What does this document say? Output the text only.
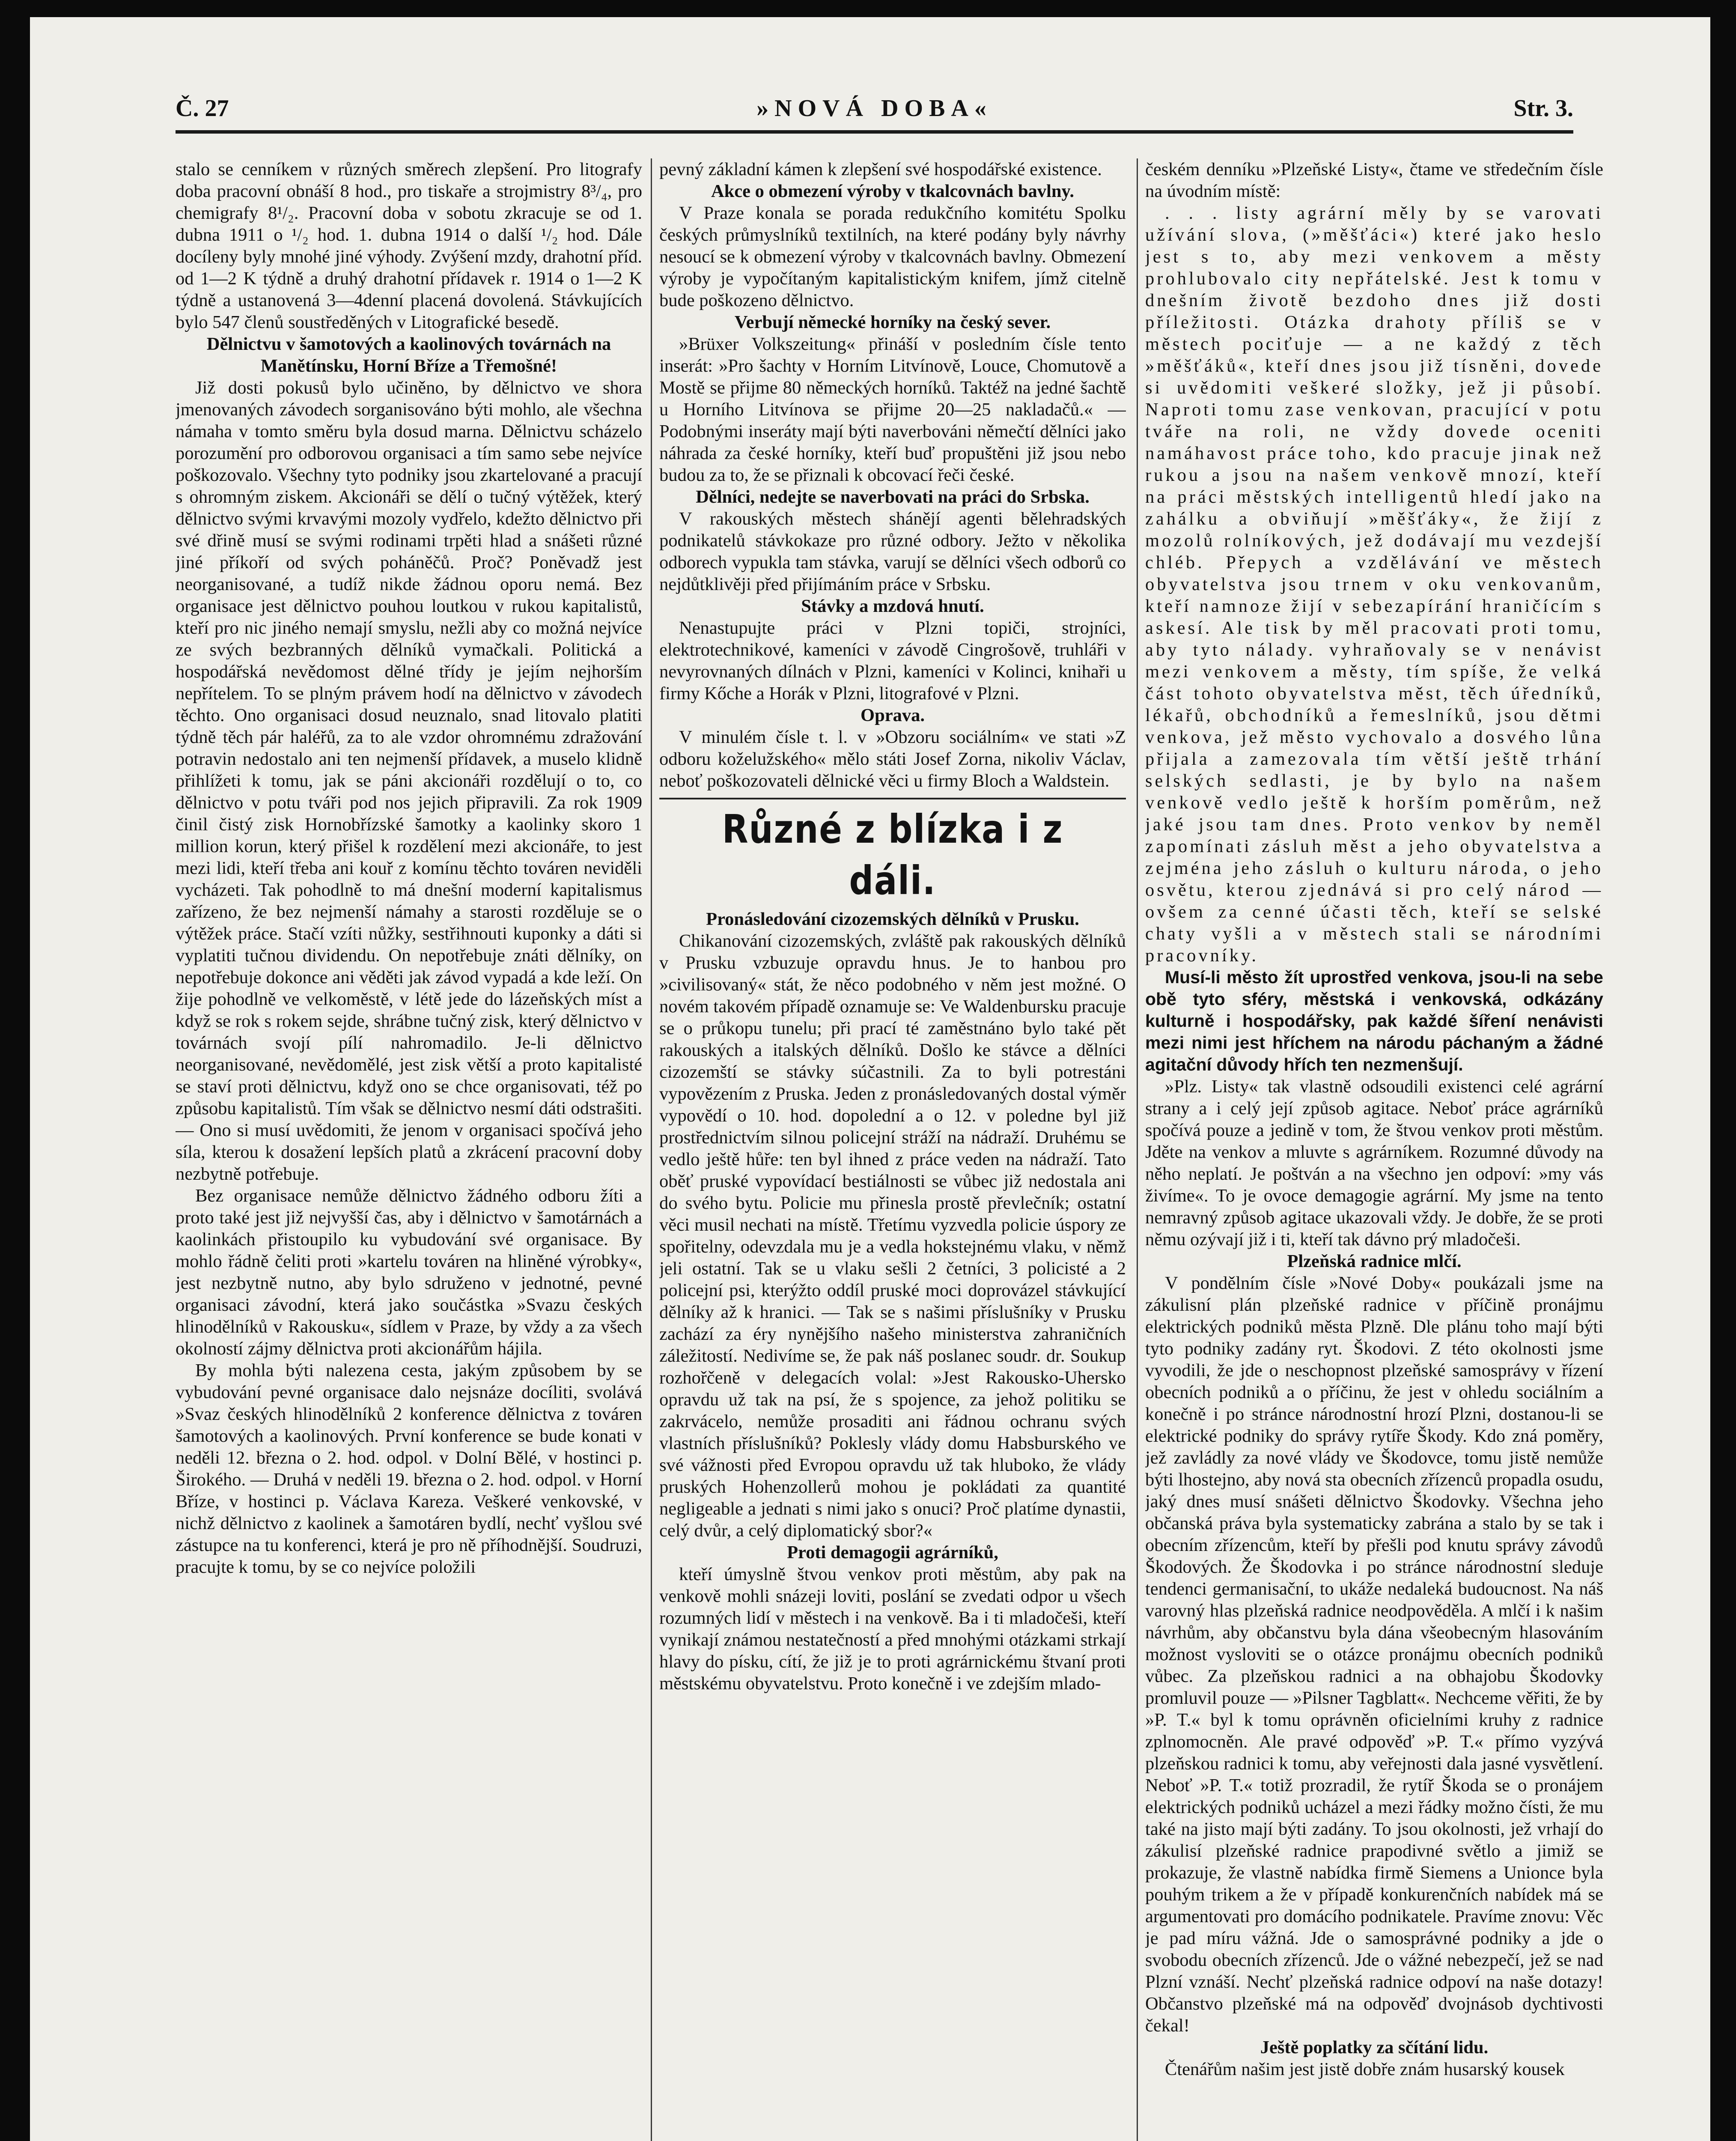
Č. 27	»NOVÁ DOBA«	Str. 3.

stalo se cenníkem v různých směrech zlepšení. Pro litografy doba pracovní obnáší 8 hod., pro tiskaře a strojmistry 8³/₄, pro chemigrafy 8¹/₂. Pracovní doba v sobotu zkracuje se od 1. dubna 1911 o ¹/₂ hod. 1. dubna 1914 o další ¹/₂ hod. Dále docíleny byly mnohé jiné výhody. Zvýšení mzdy, drahotní příd. od 1—2 K týdně a druhý drahotní přídavek r. 1914 o 1—2 K týdně a ustanovená 3—4denní placená dovolená. Stávkujících bylo 547 členů soustředěných v Litografické besedě.

Dělnictvu v šamotových a kaolinových továrnách na Manětínsku, Horní Bříze a Třemošné!

Již dosti pokusů bylo učiněno, by dělnictvo ve shora jmenovaných závodech sorganisováno býti mohlo, ale všechna námaha v tomto směru byla dosud marna. Dělnictvu scházelo porozumění pro odborovou organisaci a tím samo sebe nejvíce poškozovalo. Všechny tyto podniky jsou zkartelované a pracují s ohromným ziskem. Akcionáři se dělí o tučný výtěžek, který dělnictvo svými krvavými mozoly vydřelo, kdežto dělnictvo při své dřině musí se svými rodinami trpěti hlad a snášeti různé jiné příkoří od svých poháněčů. Proč? Poněvadž jest neorganisované, a tudíž nikde žádnou oporu nemá. Bez organisace jest dělnictvo pouhou loutkou v rukou kapitalistů, kteří pro nic jiného nemají smyslu, nežli aby co možná nejvíce ze svých bezbranných dělníků vymačkali. Politická a hospodářská nevědomost dělné třídy je jejím nejhorším nepřítelem. To se plným právem hodí na dělnictvo v závodech těchto. Ono organisaci dosud neuznalo, snad litovalo platiti týdně těch pár haléřů, za to ale vzdor ohromnému zdražování potravin nedostalo ani ten nejmenší přídavek, a muselo klidně přihlížeti k tomu, jak se páni akcionáři rozdělují o to, co dělnictvo v potu tváři pod nos jejich připravili. Za rok 1909 činil čistý zisk Hornobřízské šamotky a kaolinky skoro 1 million korun, který přišel k rozdělení mezi akcionáře, to jest mezi lidi, kteří třeba ani kouř z komínu těchto továren neviděli vycházeti. Tak pohodlně to má dnešní moderní kapitalismus zařízeno, že bez nejmenší námahy a starosti rozděluje se o výtěžek práce. Stačí vzíti nůžky, sestřihnouti kuponky a dáti si vyplatiti tučnou dividendu. On nepotřebuje znáti dělníky, on nepotřebuje dokonce ani věděti jak závod vypadá a kde leží. On žije pohodlně ve velkoměstě, v létě jede do lázeňských míst a když se rok s rokem sejde, shrábne tučný zisk, který dělnictvo v továrnách svojí pílí nahromadilo. Je-li dělnictvo neorganisované, nevědomělé, jest zisk větší a proto kapitalisté se staví proti dělnictvu, když ono se chce organisovati, též po způsobu kapitalistů. Tím však se dělnictvo nesmí dáti odstrašiti. — Ono si musí uvědomiti, že jenom v organisaci spočívá jeho síla, kterou k dosažení lepších platů a zkrácení pracovní doby nezbytně potřebuje.

Bez organisace nemůže dělnictvo žádného odboru žíti a proto také jest již nejvyšší čas, aby i dělnictvo v šamotárnách a kaolinkách přistoupilo ku vybudování své organisace. By mohlo řádně čeliti proti »kartelu továren na hliněné výrobky«, jest nezbytně nutno, aby bylo sdruženo v jednotné, pevné organisaci závodní, která jako součástka »Svazu českých hlinodělníků v Rakousku«, sídlem v Praze, by vždy a za všech okolností zájmy dělnictva proti akcionářům hájila.

By mohla býti nalezena cesta, jakým způsobem by se vybudování pevné organisace dalo nejsnáze docíliti, svolává »Svaz českých hlinodělníků 2 konference dělnictva z továren šamotových a kaolinových. První konference se bude konati v neděli 12. března o 2. hod. odpol. v Dolní Bělé, v hostinci p. Širokého. — Druhá v neděli 19. března o 2. hod. odpol. v Horní Bříze, v hostinci p. Václava Kareza. Veškeré venkovské, v nichž dělnictvo z kaolinek a šamotáren bydlí, nechť vyšlou své zástupce na tu konferenci, která je pro ně příhodnější. Soudruzi, pracujte k tomu, by se co nejvíce položili

pevný základní kámen k zlepšení své hospodářské existence.

Akce o obmezení výroby v tkalcovnách bavlny.

V Praze konala se porada redukčního komitétu Spolku českých průmyslníků textilních, na které podány byly návrhy nesoucí se k obmezení výroby v tkalcovnách bavlny. Obmezení výroby je vypočítaným kapitalistickým knifem, jímž citelně bude poškozeno dělnictvo.

Verbují německé horníky na český sever.

»Brüxer Volkszeitung« přináší v posledním čísle tento inserát: »Pro šachty v Horním Litvínově, Louce, Chomutově a Mostě se přijme 80 německých horníků. Taktéž na jedné šachtě u Horního Litvínova se přijme 20—25 nakladačů.« — Podobnými inseráty mají býti naverbováni němečtí dělníci jako náhrada za české horníky, kteří buď propuštěni již jsou nebo budou za to, že se přiznali k obcovací řeči české.

Dělníci, nedejte se naverbovati na práci do Srbska.

V rakouských městech shánějí agenti bělehradských podnikatelů stávkokaze pro různé odbory. Ježto v několika odborech vypukla tam stávka, varují se dělníci všech odborů co nejdůtklivěji před přijímáním práce v Srbsku.

Stávky a mzdová hnutí.

Nenastupujte práci v Plzni topiči, strojníci, elektrotechnikové, kameníci v závodě Cingrošově, truhláři v nevyrovnaných dílnách v Plzni, kameníci v Kolinci, knihaři u firmy Kőche a Horák v Plzni, litografové v Plzni.

Oprava.

V minulém čísle t. l. v »Obzoru sociálním« ve stati »Z odboru koželužského« mělo státi Josef Zorna, nikoliv Václav, neboť poškozovateli dělnické věci u firmy Bloch a Waldstein.

Různé z blízka i z dáli.

Pronásledování cizozemských dělníků v Prusku.

Chikanování cizozemských, zvláště pak rakouských dělníků v Prusku vzbuzuje opravdu hnus. Je to hanbou pro »civilisovaný« stát, že něco podobného v něm jest možné. O novém takovém případě oznamuje se: Ve Waldenbursku pracuje se o průkopu tunelu; při prací té zaměstnáno bylo také pět rakouských a italských dělníků. Došlo ke stávce a dělníci cizozemští se stávky súčastnili. Za to byli potrestáni vypovězením z Pruska. Jeden z pronásledovaných dostal výměr vypovědí o 10. hod. dopolední a o 12. v poledne byl již prostřednictvím silnou policejní stráží na nádraží. Druhému se vedlo ještě hůře: ten byl ihned z práce veden na nádraží. Tato oběť pruské vypovídací bestiálnosti se vůbec již nedostala ani do svého bytu. Policie mu přinesla prostě převlečník; ostatní věci musil nechati na místě. Třetímu vyzvedla policie úspory ze spořitelny, odevzdala mu je a vedla hokstejnému vlaku, v němž jeli ostatní. Tak se u vlaku sešli 2 četníci, 3 policisté a 2 policejní psi, kterýžto oddíl pruské moci doprovázel stávkující dělníky až k hranici. — Tak se s našimi příslušníky v Prusku zachází za éry nynějšího našeho ministerstva zahraničních záležitostí. Nedivíme se, že pak náš poslanec soudr. dr. Soukup rozhořčeně v delegacích volal: »Jest Rakousko-Uhersko opravdu už tak na psí, že s spojence, za jehož politiku se zakrvácelo, nemůže prosaditi ani řádnou ochranu svých vlastních příslušníků? Poklesly vlády domu Habsburského ve své vážnosti před Evropou opravdu už tak hluboko, že vlády pruských Hohenzollerů mohou je pokládati za quantité negligeable a jednati s nimi jako s onuci? Proč platíme dynastii, celý dvůr, a celý diplomatický sbor?«

Proti demagogii agrárníků,

kteří úmyslně štvou venkov proti městům, aby pak na venkově mohli snázeji loviti, poslání se zvedati odpor u všech rozumných lidí v městech i na venkově. Ba i ti mladočeši, kteří vynikají známou nestatečností a před mnohými otázkami strkají hlavy do písku, cítí, že již je to proti agrárnickému štvaní proti městskému obyvatelstvu. Proto konečně i ve zdejším mlado-

českém denníku »Plzeňské Listy«, čtame ve středečním čísle na úvodním místě:

. . . listy agrární měly by se varovati užívání slova, (»měšťáci«) které jako heslo jest s to, aby mezi venkovem a městy prohlubovalo city nepřátelské. Jest k tomu v dnešním životě bezdoho dnes již dosti příležitosti. Otázka drahoty příliš se v městech pociťuje — a ne každý z těch »měšťáků«, kteří dnes jsou již tísněni, dovede si uvědomiti veškeré složky, jež ji působí. Naproti tomu zase venkovan, pracující v potu tváře na roli, ne vždy dovede oceniti namáhavost práce toho, kdo pracuje jinak než rukou a jsou na našem venkově mnozí, kteří na práci městských intelligentů hledí jako na zahálku a obviňují »měšťáky«, že žijí z mozolů rolníkových, jež dodávají mu vezdejší chléb. Přepych a vzdělávání ve městech obyvatelstva jsou trnem v oku venkovanům, kteří namnoze žijí v sebezapírání hraničícím s askesí. Ale tisk by měl pracovati proti tomu, aby tyto nálady. vyhraňovaly se v nenávist mezi venkovem a městy, tím spíše, že velká část tohoto obyvatelstva měst, těch úředníků, lékařů, obchodníků a řemeslníků, jsou dětmi venkova, jež město vychovalo a dosvého lůna přijala a zamezovala tím větší ještě trhání selských sedlasti, je by bylo na našem venkově vedlo ještě k horším poměrům, než jaké jsou tam dnes. Proto venkov by neměl zapomínati zásluh měst a jeho obyvatelstva a zejména jeho zásluh o kulturu národa, o jeho osvětu, kterou zjednává si pro celý národ — ovšem za cenné účasti těch, kteří se selské chaty vyšli a v městech stali se národními pracovníky.

Musí-li město žít uprostřed venkova, jsou-li na sebe obě tyto sféry, městská i venkovská, odkázány kulturně i hospodářsky, pak každé šíření nenávisti mezi nimi jest hříchem na národu páchaným a žádné agitační důvody hřích ten nezmenšují.

»Plz. Listy« tak vlastně odsoudili existenci celé agrární strany a i celý její způsob agitace. Neboť práce agrárníků spočívá pouze a jedině v tom, že štvou venkov proti městům. Jděte na venkov a mluvte s agrárníkem. Rozumné důvody na něho neplatí. Je poštván a na všechno jen odpoví: »my vás živíme«. To je ovoce demagogie agrární. My jsme na tento nemravný způsob agitace ukazovali vždy. Je dobře, že se proti němu ozývají již i ti, kteří tak dávno prý mladočeši.

Plzeňská radnice mlčí.

V pondělním čísle »Nové Doby« poukázali jsme na zákulisní plán plzeňské radnice v příčině pronájmu elektrických podniků města Plzně. Dle plánu toho mají býti tyto podniky zadány ryt. Škodovi. Z této okolnosti jsme vyvodili, že jde o neschopnost plzeňské samosprávy v řízení obecních podniků a o příčinu, že jest v ohledu sociálním a konečně i po stránce národnostní hrozí Plzni, dostanou-li se elektrické podniky do správy rytíře Škody. Kdo zná poměry, jež zavládly za nové vlády ve Škodovce, tomu jistě nemůže býti lhostejno, aby nová sta obecních zřízenců propadla osudu, jaký dnes musí snášeti dělnictvo Škodovky. Všechna jeho občanská práva byla systematicky zabrána a stalo by se tak i obecním zřízencům, kteří by přešli pod knutu správy závodů Škodových. Že Škodovka i po stránce národnostní sleduje tendenci germanisační, to ukáže nedaleká budoucnost. Na náš varovný hlas plzeňská radnice neodpověděla. A mlčí i k našim návrhům, aby občanstvu byla dána všeobecným hlasováním možnost vysloviti se o otázce pronájmu obecních podniků vůbec. Za plzeňskou radnici a na obhajobu Škodovky promluvil pouze — »Pilsner Tagblatt«. Nechceme věřiti, že by »P. T.« byl k tomu oprávněn oficielními kruhy z radnice zplnomocněn. Ale pravé odpověď »P. T.« přímo vyzývá plzeňskou radnici k tomu, aby veřejnosti dala jasné vysvětlení. Neboť »P. T.« totiž prozradil, že rytíř Škoda se o pronájem elektrických podniků ucházel a mezi řádky možno čísti, že mu také na jisto mají býti zadány. To jsou okolnosti, jež vrhají do zákulisí plzeňské radnice prapodivné světlo a jimiž se prokazuje, že vlastně nabídka firmě Siemens a Unionce byla pouhým trikem a že v případě konkurenčních nabídek má se argumentovati pro domácího podnikatele. Pravíme znovu: Věc je pad míru vážná. Jde o samosprávné podniky a jde o svobodu obecních zřízenců. Jde o vážné nebezpečí, jež se nad Plzní vznáší. Nechť plzeňská radnice odpoví na naše dotazy! Občanstvo plzeňské má na odpověď dvojnásob dychtivosti čekal!

Ještě poplatky za sčítání lidu.

Čtenářům našim jest jistě dobře znám husarský kousek
